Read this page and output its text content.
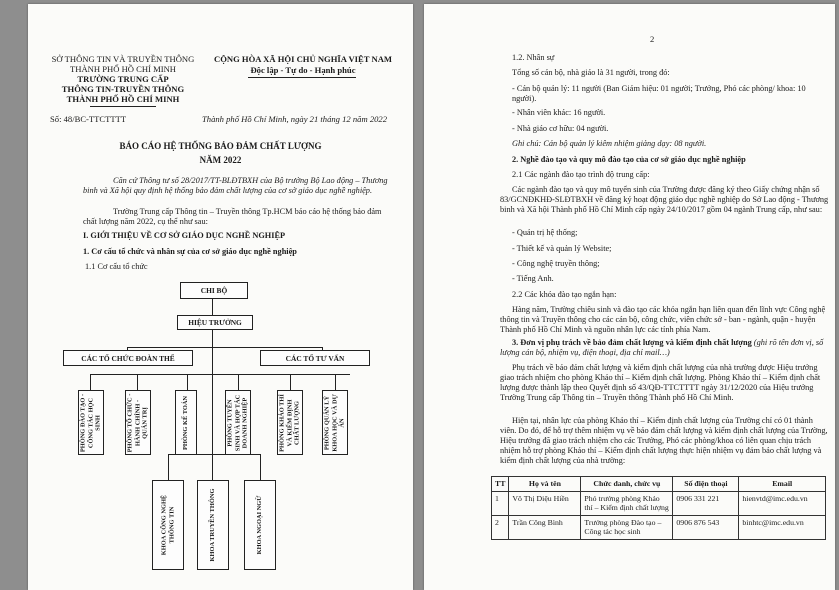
SỞ THÔNG TIN VÀ TRUYỀN THÔNG
THÀNH PHỐ HỒ CHÍ MINH
TRƯỜNG TRUNG CẤP
THÔNG TIN-TRUYỀN THÔNG
THÀNH PHỐ HỒ CHÍ MINH
Số: 48/BC-TTCTTTT
CỘNG HÒA XÃ HỘI CHỦ NGHĨA VIỆT NAM
Độc lập - Tự do - Hạnh phúc
Thành phố Hồ Chí Minh, ngày 21 tháng 12 năm 2022
BÁO CÁO HỆ THỐNG BẢO ĐẢM CHẤT LƯỢNG
NĂM 2022
Căn cứ Thông tư số 28/2017/TT-BLĐTBXH của Bộ trưởng Bộ Lao động – Thương binh và Xã hội quy định hệ thống bảo đảm chất lượng của cơ sở giáo dục nghề nghiệp.
Trường Trung cấp Thông tin – Truyền thông Tp.HCM báo cáo hệ thống bảo đảm chất lượng năm 2022, cụ thể như sau:
I. GIỚI THIỆU VỀ CƠ SỞ GIÁO DỤC NGHỀ NGHIỆP
1. Cơ cấu tổ chức và nhân sự của cơ sở giáo dục nghề nghiệp
1.1 Cơ cấu tổ chức
CHI BỘ
HIỆU TRƯỞNG
CÁC TỔ CHỨC ĐOÀN THỂ	CÁC TỔ TƯ VẤN
PHÒNG ĐÀO TẠO - CÔNG TÁC HỌC SINH	PHÒNG TỔ CHỨC - HÀNH CHÍNH - QUẢN TRỊ	PHÒNG KẾ TOÁN	PHÒNG TUYỂN SINH VÀ HỢP TÁC DOANH NGHIỆP	PHÒNG KHẢO THÍ VÀ KIỂM ĐỊNH CHẤT LƯỢNG	PHÒNG QUẢN LÝ KHOA HỌC VÀ DỰ ÁN
KHOA CÔNG NGHỆ THÔNG TIN	KHOA TRUYỀN THÔNG	KHOA NGOẠI NGỮ
2
1.2. Nhân sự
Tổng số cán bộ, nhà giáo là 31 người, trong đó:
- Cán bộ quản lý: 11 người (Ban Giám hiệu: 01 người; Trưởng, Phó các phòng/ khoa: 10 người).
- Nhân viên khác: 16 người.
- Nhà giáo cơ hữu: 04 người.
Ghi chú: Cán bộ quản lý kiêm nhiệm giảng dạy: 08 người.
2. Nghề đào tạo và quy mô đào tạo của cơ sở giáo dục nghề nghiệp
2.1 Các ngành đào tạo trình độ trung cấp:
Các ngành đào tạo và quy mô tuyển sinh của Trường được đăng ký theo Giấy chứng nhận số 83/GCNĐKHĐ-SLĐTBXH về đăng ký hoạt động giáo dục nghề nghiệp do Sở Lao động - Thương binh và Xã hội Thành phố Hồ Chí Minh cấp ngày 24/10/2017 gồm 04 ngành Trung cấp, như sau:
- Quản trị hệ thống;
- Thiết kế và quản lý Website;
- Công nghệ truyền thông;
- Tiếng Anh.
2.2 Các khóa đào tạo ngắn hạn:
Hàng năm, Trường chiêu sinh và đào tạo các khóa ngắn hạn liên quan đến lĩnh vực Công nghệ thông tin và Truyền thông cho các cán bộ, công chức, viên chức sở - ban - ngành, quận - huyện Thành phố Hồ Chí Minh và nguồn nhân lực các tỉnh phía Nam.
3. Đơn vị phụ trách về bảo đảm chất lượng và kiểm định chất lượng (ghi rõ tên đơn vị, số lượng cán bộ, nhiệm vụ, điện thoại, địa chỉ mail…)
Phụ trách về bảo đảm chất lượng và kiểm định chất lượng của nhà trường được Hiệu trưởng giao trách nhiệm cho phòng Khảo thí – Kiểm định chất lượng. Phòng Khảo thí – Kiểm định chất lượng được thành lập theo Quyết định số 43/QĐ-TTCTTTT ngày 31/12/2020 của Hiệu trưởng Trường Trung cấp Thông tin – Truyền thông Thành phố Hồ Chí Minh.
Hiện tại, nhân lực của phòng Khảo thí – Kiểm định chất lượng của Trường chỉ có 01 thành viên. Do đó, để hỗ trợ thêm nhiệm vụ về bảo đảm chất lượng và kiểm định chất lượng của Trường, Hiệu trưởng đã giao trách nhiệm cho các Trưởng, Phó các phòng/khoa có liên quan chịu trách nhiệm hỗ trợ phòng Khảo thí – Kiểm định chất lượng thực hiện nhiệm vụ đảm bảo chất lượng và kiểm định chất lượng của nhà trường:
TT	Họ và tên	Chức danh, chức vụ	Số điện thoại	Email
1	Võ Thị Diệu Hiền	Phó trưởng phòng Khảo thí – Kiểm định chất lượng	0906 331 221	hienvtd@imc.edu.vn
2	Trần Công Bình	Trưởng phòng Đào tạo – Công tác học sinh	0906 876 543	binhtc@imc.edu.vn
